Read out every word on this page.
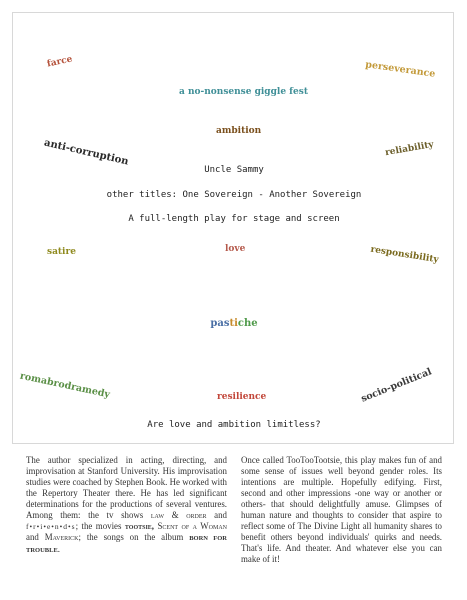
farce	perseverance
a no-nonsense giggle fest
ambition
anti-corruption	reliability
Uncle Sammy
other titles: One Sovereign - Another Sovereign
A full-length play for stage and screen
satire	love	responsibility
pastiche
romabrodramedy	resilience	socio-political
Are love and ambition limitless?
The author specialized in acting, directing, and improvisation at Stanford University. His improvisation studies were coached by Stephen Book. He worked with the Repertory Theater there. He has led significant determinations for the productions of several ventures. Among them: the tv shows law & order and f•r•i•e•n•d•s; the movies tootsie, Scent of a Woman and Maverick; the songs on the album BORN FOR TROUBLE.
Once called TooTooTootsie, this play makes fun of and some sense of issues well beyond gender roles. Its intentions are multiple. Hopefully edifying. First, second and other impressions -one way or another or others- that should delightfully amuse. Glimpses of human nature and thoughts to consider that aspire to reflect some of The Divine Light all humanity shares to benefit others beyond individuals' quirks and needs. That's life. And theater. And whatever else you can make of it!
